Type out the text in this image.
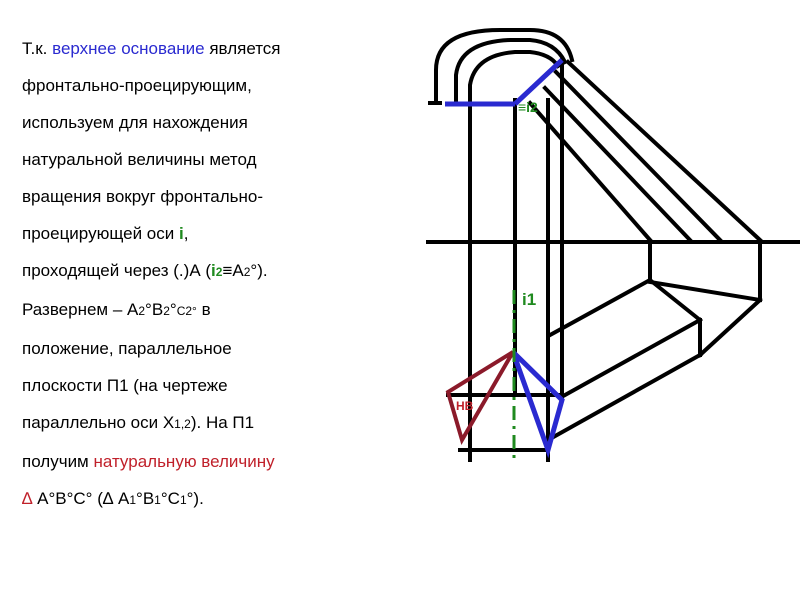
Т.к. верхнее основание является
фронтально-проецирующим,
используем для нахождения
натуральной величины метод
вращения вокруг фронтально-
проецирующей оси i,
проходящей через (.)А (i2≡А2°).
Развернем – А2°В2°С2° в
положение, параллельное
плоскости П1 (на чертеже
параллельно оси Х1,2). На П1
получим натуральную величину
∆ А°В°С° (∆ А1°В1°С1°).
≡i2
i1
НВ
